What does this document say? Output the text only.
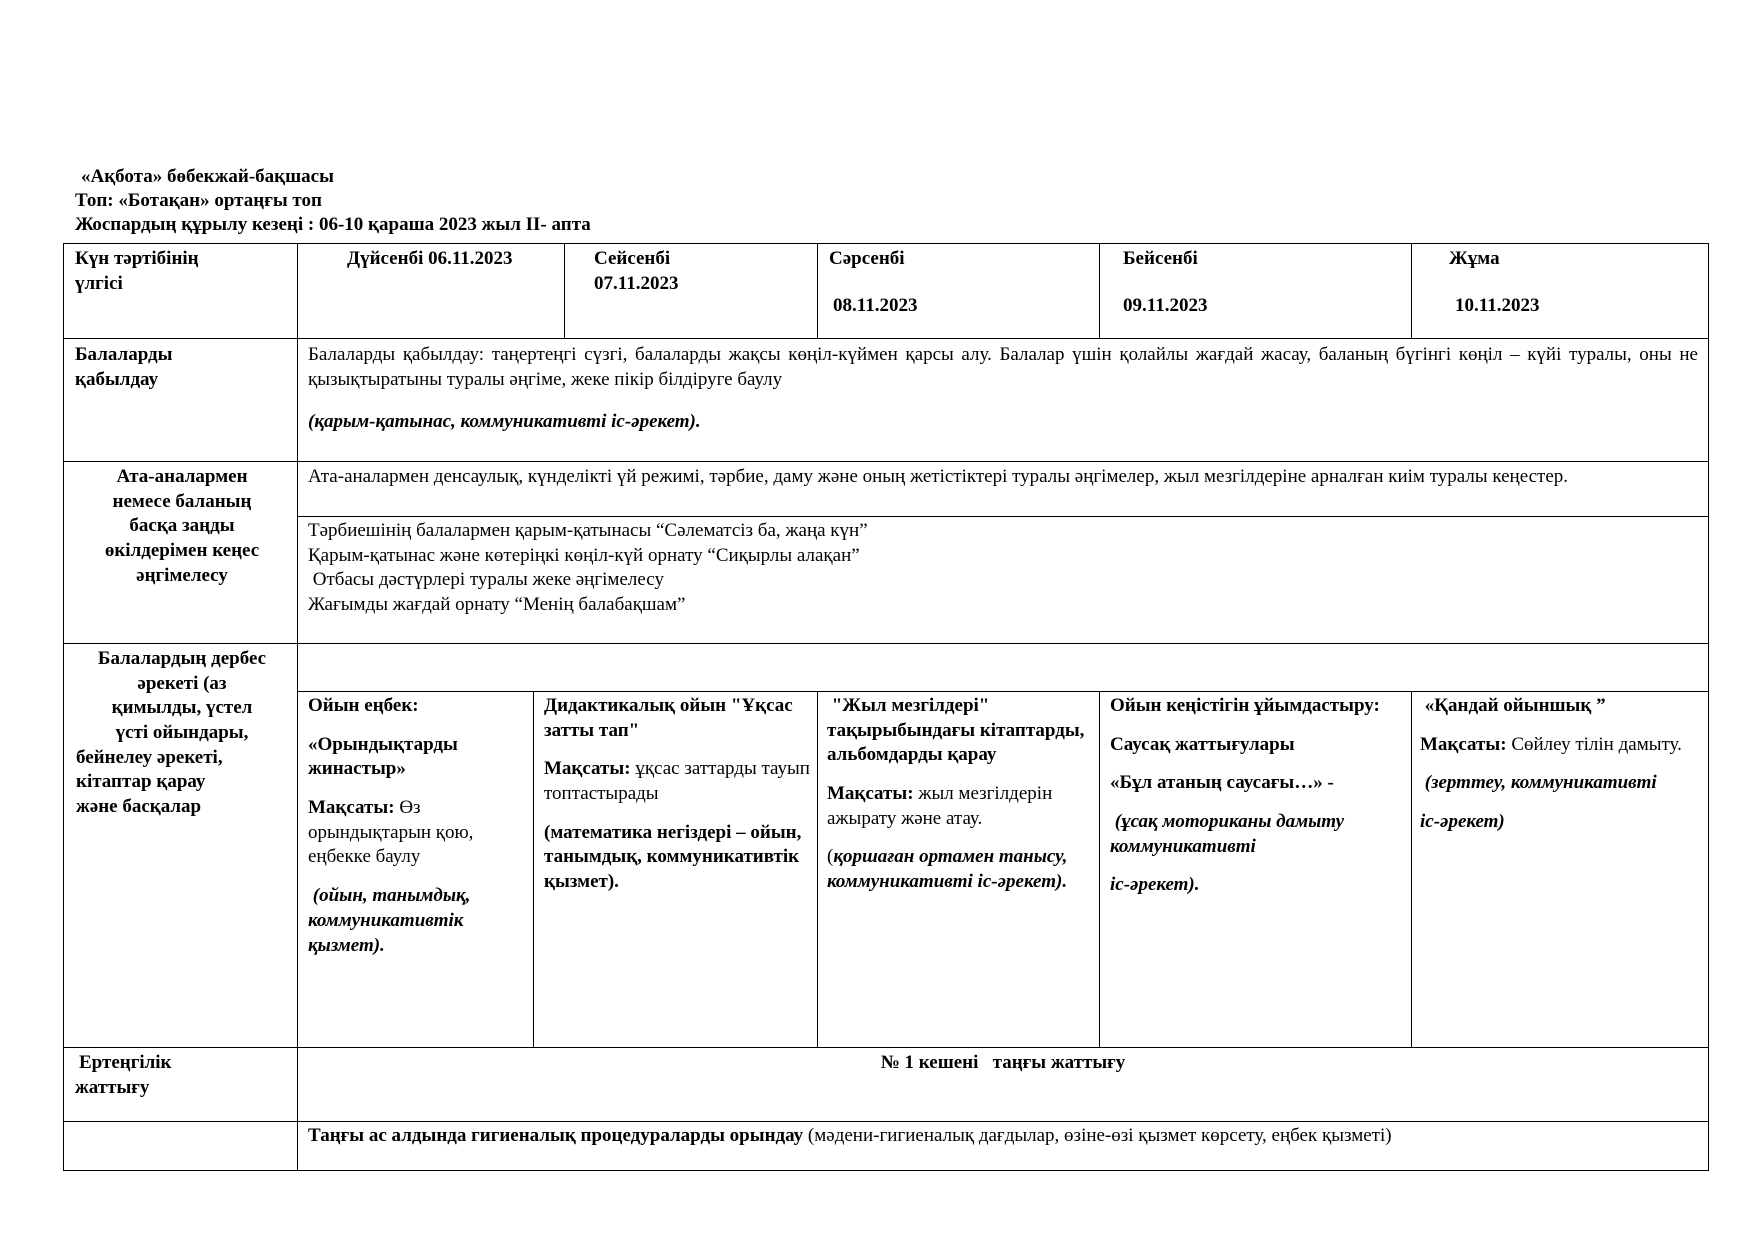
«Ақбота» бөбекжай-бақшасы
Топ: «Ботақан» ортаңғы топ
Жоспардың құрылу кезеңі : 06-10 қараша 2023 жыл ІІ- апта

Күн тәртібінің

үлгісі

Дүйсенбі 06.11.2023	Сейсенбі

07.11.2023

Сәрсенбі

08.11.2023

Бейсенбі

09.11.2023

Жұма

10.11.2023

Балаларды

қабылдау

Балаларды қабылдау: таңертеңгі сүзгі, балаларды жақсы көңіл-күймен қарсы алу. Балалар үшін қолайлы жағдай жасау, баланың бүгінгі көңіл – күйі туралы, оны не қызықтыратыны туралы әңгіме, жеке пікір білдіруге баулу

(қарым-қатынас, коммуникативті іс-әрекет).

Ата-аналармен

немесе баланың

басқа заңды

өкілдерімен кеңес

әңгімелесу

Ата-аналармен денсаулық, күнделікті үй режимі, тәрбие, даму және оның жетістіктері туралы әңгімелер, жыл мезгілдеріне арналған киім туралы кеңестер.

Тәрбиешінің балалармен қарым-қатынасы “Сәлематсіз ба, жаңа күн”

Қарым-қатынас және көтеріңкі көңіл-күй орнату “Сиқырлы алақан”

Отбасы дәстүрлері туралы жеке әңгімелесу

Жағымды жағдай орнату “Менің балабақшам”

Балалардың дербес

әрекеті (аз

қимылды, үстел

үсті ойындары,

бейнелеу әрекеті,

кітаптар қарау

және басқалар

Ойын еңбек:

«Орындықтарды жинастыр»

Мақсаты: Өз орындықтарын қою, еңбекке баулу

(ойын, танымдық, коммуникативтік қызмет).

Дидактикалық ойын "Ұқсас затты тап"

Мақсаты: ұқсас заттарды тауып топтастырады

(математика негіздері – ойын, танымдық, коммуникативтік қызмет).

"Жыл мезгілдері" тақырыбындағы кітаптарды, альбомдарды қарау

Мақсаты: жыл мезгілдерін ажырату және атау.

(қоршаған ортамен танысу, коммуникативті іс-әрекет).

Ойын кеңістігін ұйымдастыру:

Саусақ жаттығулары

«Бұл атаның саусағы…» -

(ұсақ моториканы дамыту коммуникативті

іс-әрекет).

«Қандай ойыншық ”

Мақсаты: Сөйлеу тілін дамыту.

(зерттеу, коммуникативті

іс-әрекет)

Ертеңгілік

жаттығу

№ 1 кешені   таңғы жаттығу
Таңғы ас алдында гигиеналық процедураларды орындау (мәдени-гигиеналық дағдылар, өзіне-өзі қызмет көрсету, еңбек қызметі)
